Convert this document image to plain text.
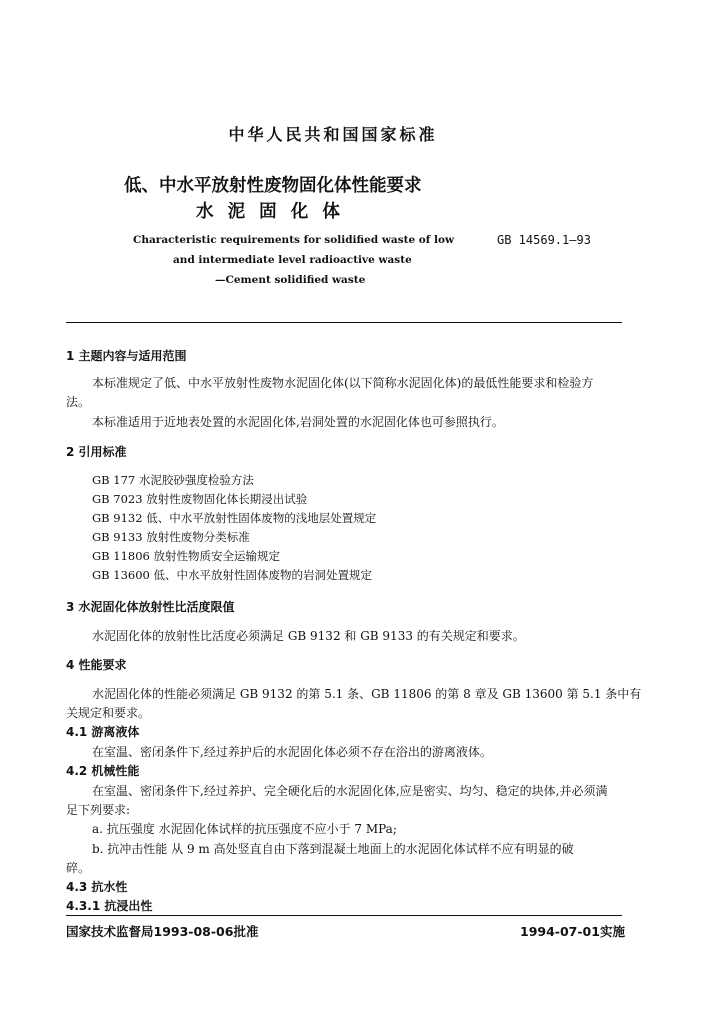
中华人民共和国国家标准
低、中水平放射性废物固化体性能要求
水 泥 固 化 体
Characteristic requirements for solidified waste of low
and intermediate level radioactive waste
—Cement solidified waste
GB 14569.1—93
1 主题内容与适用范围
本标准规定了低、中水平放射性废物水泥固化体(以下简称水泥固化体)的最低性能要求和检验方
法。
本标准适用于近地表处置的水泥固化体,岩洞处置的水泥固化体也可参照执行。
2 引用标准
GB 177 水泥胶砂强度检验方法
GB 7023 放射性废物固化体长期浸出试验
GB 9132 低、中水平放射性固体废物的浅地层处置规定
GB 9133 放射性废物分类标准
GB 11806 放射性物质安全运输规定
GB 13600 低、中水平放射性固体废物的岩洞处置规定
3 水泥固化体放射性比活度限值
水泥固化体的放射性比活度必须满足 GB 9132 和 GB 9133 的有关规定和要求。
4 性能要求
水泥固化体的性能必须满足 GB 9132 的第 5.1 条、GB 11806 的第 8 章及 GB 13600 第 5.1 条中有
关规定和要求。
4.1 游离液体
在室温、密闭条件下,经过养护后的水泥固化体必须不存在浴出的游离液体。
4.2 机械性能
在室温、密闭条件下,经过养护、完全硬化后的水泥固化体,应是密实、均匀、稳定的块体,并必须满
足下列要求:
a. 抗压强度 水泥固化体试样的抗压强度不应小于 7 MPa;
b. 抗冲击性能 从 9 m 高处竖直自由下落到混凝土地面上的水泥固化体试样不应有明显的破
碎。
4.3 抗水性
4.3.1 抗浸出性
国家技术监督局1993-08-06批准	1994-07-01实施
